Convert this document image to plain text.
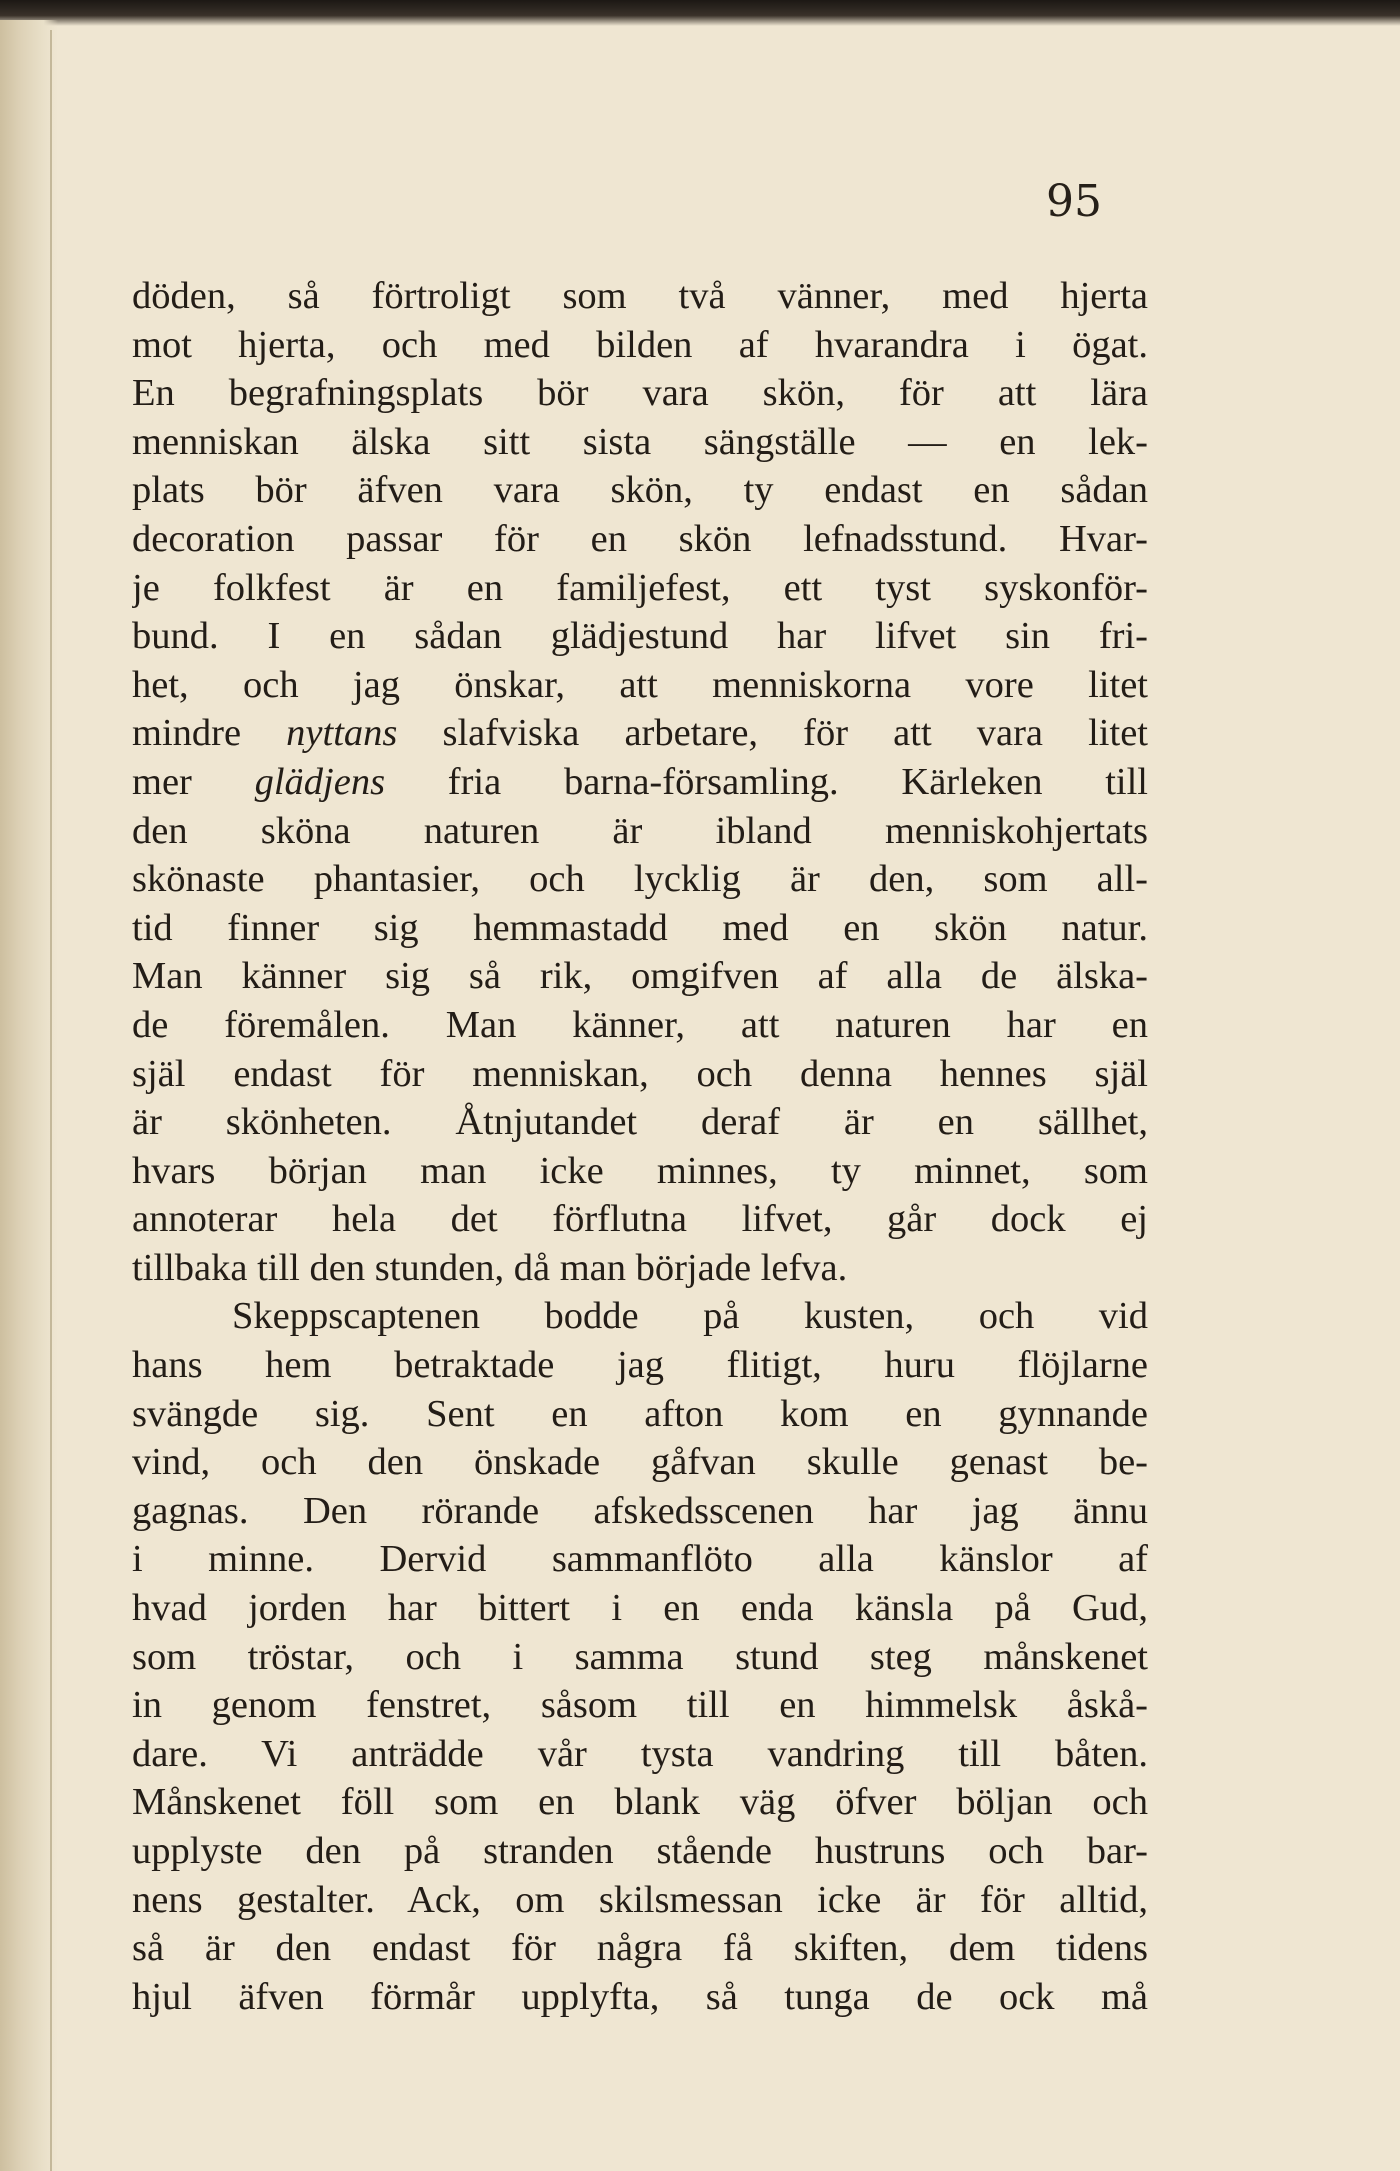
95

döden, så förtroligt som två vänner, med hjerta
mot hjerta, och med bilden af hvarandra i ögat.
En begrafningsplats bör vara skön, för att lära
menniskan älska sitt sista sängställe — en lek-
plats bör äfven vara skön, ty endast en sådan
decoration passar för en skön lefnadsstund. Hvar-
je folkfest är en familjefest, ett tyst syskonför-
bund. I en sådan glädjestund har lifvet sin fri-
het, och jag önskar, att menniskorna vore litet
mindre nyttans slafviska arbetare, för att vara litet
mer glädjens fria barna-församling. Kärleken till
den sköna naturen är ibland menniskohjertats
skönaste phantasier, och lycklig är den, som all-
tid finner sig hemmastadd med en skön natur.
Man känner sig så rik, omgifven af alla de älska-
de föremålen. Man känner, att naturen har en
själ endast för menniskan, och denna hennes själ
är skönheten. Åtnjutandet deraf är en sällhet,
hvars början man icke minnes, ty minnet, som
annoterar hela det förflutna lifvet, går dock ej
tillbaka till den stunden, då man började lefva.
Skeppscaptenen bodde på kusten, och vid
hans hem betraktade jag flitigt, huru flöjlarne
svängde sig. Sent en afton kom en gynnande
vind, och den önskade gåfvan skulle genast be-
gagnas. Den rörande afskedsscenen har jag ännu
i minne. Dervid sammanflöto alla känslor af
hvad jorden har bittert i en enda känsla på Gud,
som tröstar, och i samma stund steg månskenet
in genom fenstret, såsom till en himmelsk åskå-
dare. Vi anträdde vår tysta vandring till båten.
Månskenet föll som en blank väg öfver böljan och
upplyste den på stranden stående hustruns och bar-
nens gestalter. Ack, om skilsmessan icke är för alltid,
så är den endast för några få skiften, dem tidens
hjul äfven förmår upplyfta, så tunga de ock må
